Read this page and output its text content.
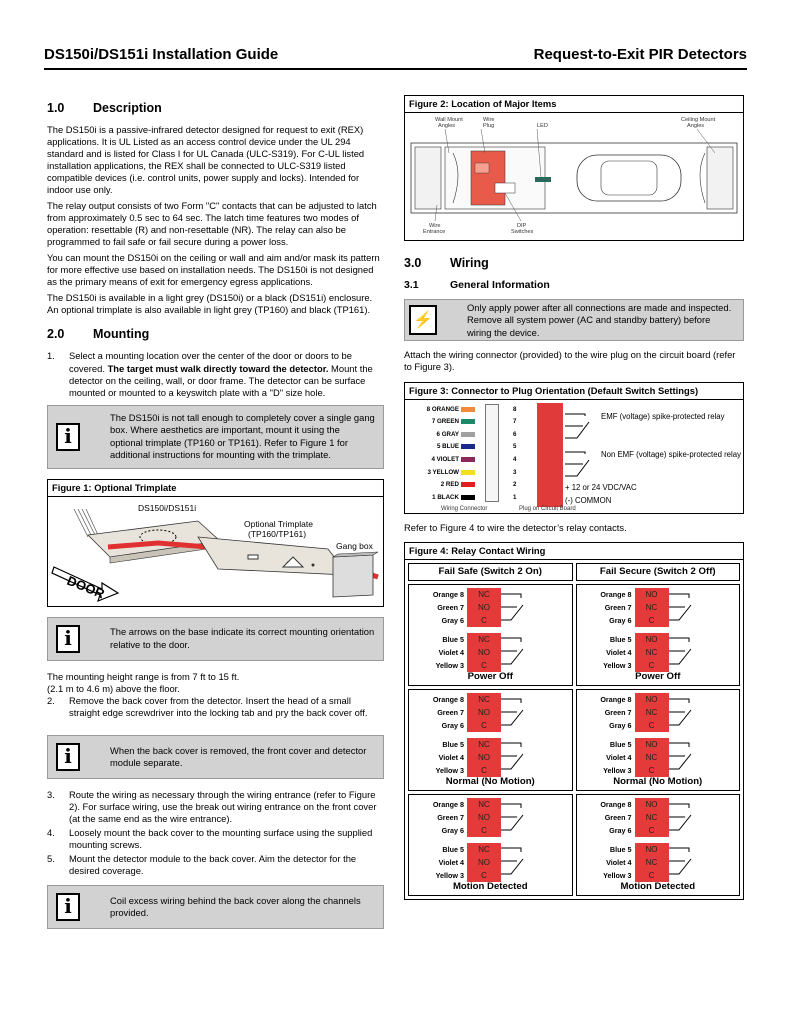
DS150i/DS151i Installation Guide	Request-to-Exit PIR Detectors
1.0	Description

The DS150i is a passive-infrared detector designed for request to exit (REX) applications. It is UL Listed as an access control device under the UL 294 standard and is listed for Class I for UL Canada (ULC-S319). For C-UL listed installation applications, the REX shall be connected to ULC-S319 listed compatible devices (i.e. control units, power supply and locks). Intended for indoor use only.

The relay output consists of two Form "C" contacts that can be adjusted to latch from approximately 0.5 sec to 64 sec. The latch time features two modes of operation: resettable (R) and non-resettable (NR). The relay can also be programmed to fail safe or fail secure during a power loss.

You can mount the DS150i on the ceiling or wall and aim and/or mask its pattern for more effective use based on installation needs. The DS150i is not designed as the primary means of exit for emergency egress applications.

The DS150i is available in a light grey (DS150i) or a black (DS151i) enclosure. An optional trimplate is also available in light grey (TP160) and black (TP161).

2.0	Mounting
1.	Select a mounting location over the center of the door or doors to be covered. The target must walk directly toward the detector. Mount the detector on the ceiling, wall, or door frame. The detector can be surface mounted or mounted to a keyswitch plate with a "D" size hole.
i
The DS150i is not tall enough to completely cover a single gang box. Where aesthetics are important, mount it using the optional trimplate (TP160 or TP161). Refer to Figure 1 for additional instructions for mounting with the trimplate.
Figure 1: Optional Trimplate
DOOR
DS150i/DS151i
Optional Trimplate
(TP160/TP161)
Gang box
i	The arrows on the base indicate its correct mounting orientation relative to the door.

The mounting height range is from 7 ft to 15 ft.
(2.1 m to 4.6 m) above the floor.

2.	Remove the back cover from the detector. Insert the head of a small straight edge screwdriver into the locking tab and pry the back cover off.
i	When the back cover is removed, the front cover and detector module separate.
3.	Route the wiring as necessary through the wiring entrance (refer to Figure 2). For surface wiring, use the break out wiring entrance on the front cover (at the same end as the wire entrance).
4.	Loosely mount the back cover to the mounting surface using the supplied mounting screws.
5.	Mount the detector module to the back cover. Aim the detector for the desired coverage.
i	Coil excess wiring behind the back cover along the channels provided.
Figure 2: Location of Major Items
Wall Mount
Angles
Wire
Plug	LED
Ceiling Mount
Angles
Wire
Entrance
DIP
Switches
3.0	Wiring
3.1	General Information
⚡
Only apply power after all connections are made and inspected. Remove all system power (AC and standby battery) before wiring the device.

Attach the wiring connector (provided) to the wire plug on the circuit board (refer to Figure 3).

Figure 3: Connector to Plug Orientation (Default Switch Settings)
8 ORANGE	8
7 GREEN	7
6 GRAY	6
5 BLUE	5
4 VIOLET	4
3 YELLOW	3
2 RED	2
1 BLACK	1
EMF (voltage) spike-protected relay
Non EMF (voltage) spike-protected relay
+ 12 or 24 VDC/VAC
(-) COMMON
Wiring Connector	Plug on Circuit Board

Refer to Figure 4 to wire the detector’s relay contacts.

Figure 4: Relay Contact Wiring
Fail Safe (Switch 2 On)	Fail Secure (Switch 2 Off)
Orange 8	NC
Green 7	NO
Gray 6	C
Blue 5	NC
Violet 4	NO
Yellow 3	C
Power Off
Orange 8	NO
Green 7	NC
Gray 6	C
Blue 5	NO
Violet 4	NC
Yellow 3	C
Power Off
Orange 8	NC
Green 7	NO
Gray 6	C
Blue 5	NC
Violet 4	NO
Yellow 3	C
Normal (No Motion)
Orange 8	NO
Green 7	NC
Gray 6	C
Blue 5	NO
Violet 4	NC
Yellow 3	C
Normal (No Motion)
Orange 8	NC
Green 7	NO
Gray 6	C
Blue 5	NC
Violet 4	NO
Yellow 3	C
Motion Detected
Orange 8	NO
Green 7	NC
Gray 6	C
Blue 5	NO
Violet 4	NC
Yellow 3	C
Motion Detected
